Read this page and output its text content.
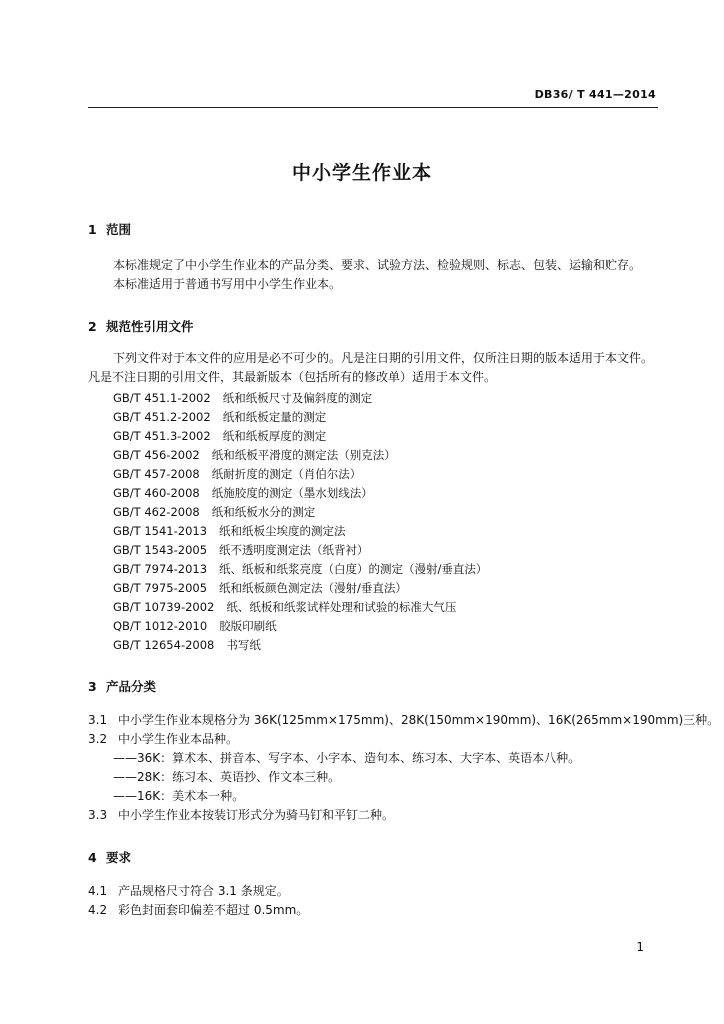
DB36/ T 441—2014
中小学生作业本
1 范围
本标准规定了中小学生作业本的产品分类、要求、试验方法、检验规则、标志、包装、运输和贮存。
本标准适用于普通书写用中小学生作业本。
2 规范性引用文件
下列文件对于本文件的应用是必不可少的。凡是注日期的引用文件，仅所注日期的版本适用于本文件。凡是不注日期的引用文件，其最新版本（包括所有的修改单）适用于本文件。
GB/T 451.1-2002 纸和纸板尺寸及偏斜度的测定
GB/T 451.2-2002 纸和纸板定量的测定
GB/T 451.3-2002 纸和纸板厚度的测定
GB/T 456-2002 纸和纸板平滑度的测定法（别克法）
GB/T 457-2008 纸耐折度的测定（肖伯尔法）
GB/T 460-2008 纸施胶度的测定（墨水划线法）
GB/T 462-2008 纸和纸板水分的测定
GB/T 1541-2013 纸和纸板尘埃度的测定法
GB/T 1543-2005 纸不透明度测定法（纸背衬）
GB/T 7974-2013 纸、纸板和纸浆亮度（白度）的测定（漫射/垂直法）
GB/T 7975-2005 纸和纸板颜色测定法（漫射/垂直法）
GB/T 10739-2002 纸、纸板和纸浆试样处理和试验的标准大气压
QB/T 1012-2010 胶版印刷纸
GB/T 12654-2008 书写纸
3 产品分类
3.1 中小学生作业本规格分为 36K(125mm×175mm)、28K(150mm×190mm)、16K(265mm×190mm)三种。
3.2 中小学生作业本品种。
——36K：算术本、拼音本、写字本、小字本、造句本、练习本、大字本、英语本八种。
——28K：练习本、英语抄、作文本三种。
——16K：美术本一种。
3.3 中小学生作业本按装订形式分为骑马钉和平钉二种。
4 要求
4.1 产品规格尺寸符合 3.1 条规定。
4.2 彩色封面套印偏差不超过 0.5mm。
1
